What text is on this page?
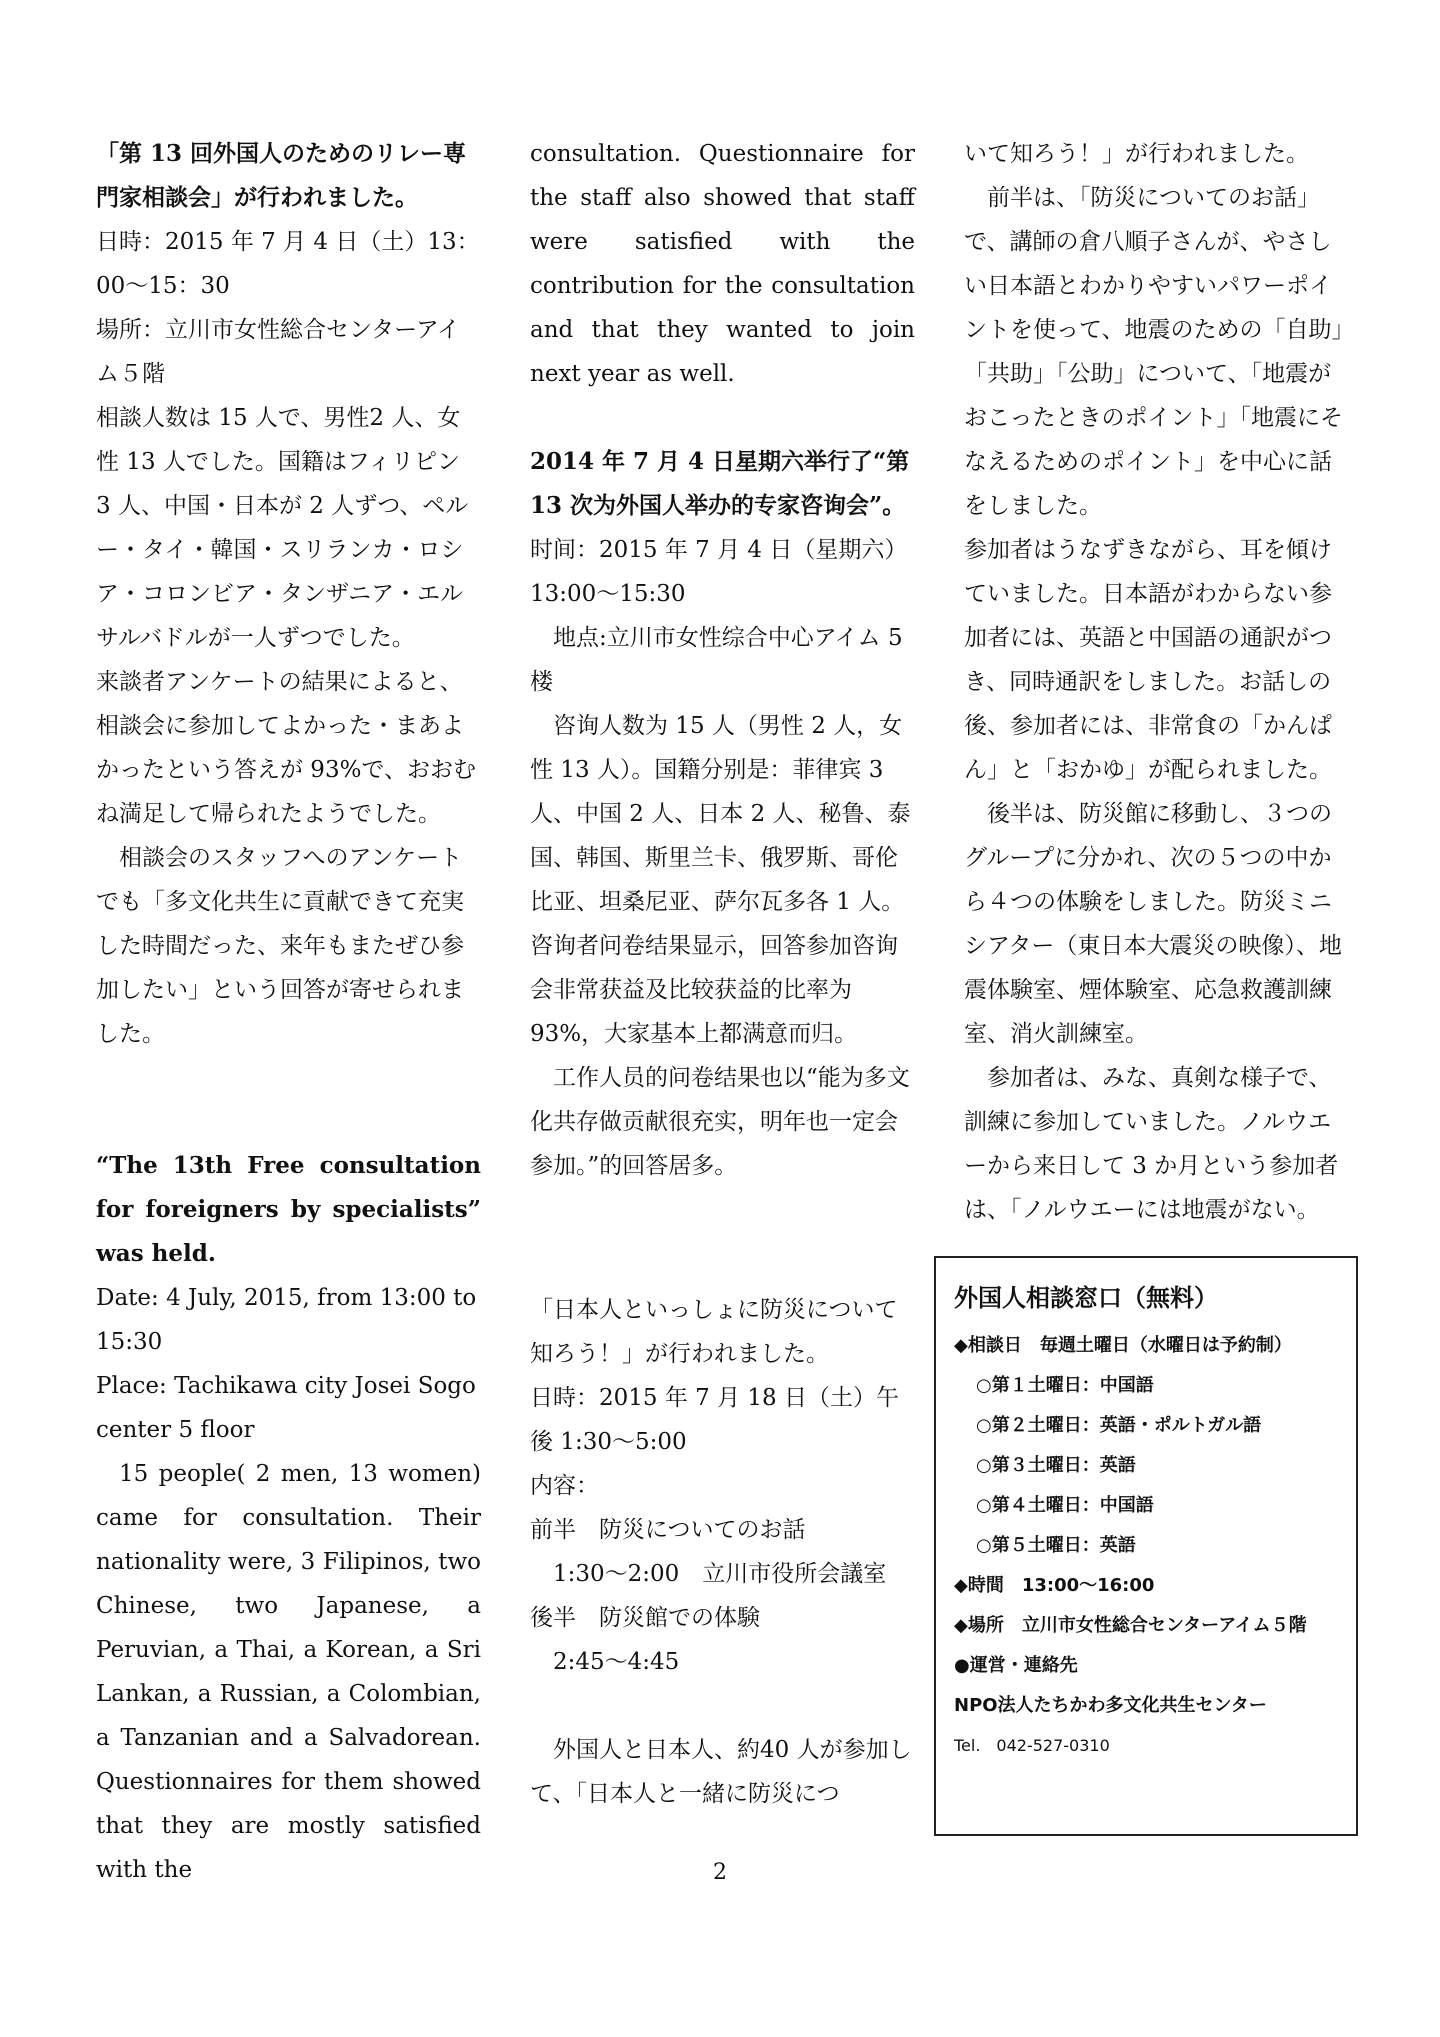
「第 13 回外国人のためのリレー専門家相談会」が行われました。

日時：2015 年 7 月 4 日（土）13：00～15：30

場所：立川市女性総合センターアイム５階

相談人数は 15 人で、男性2 人、女性 13 人でした。国籍はフィリピン 3 人、中国・日本が 2 人ずつ、ペルー・タイ・韓国・スリランカ・ロシア・コロンビア・タンザニア・エルサルバドルが一人ずつでした。

来談者アンケートの結果によると、相談会に参加してよかった・まあよかったという答えが 93%で、おおむね満足して帰られたようでした。

相談会のスタッフへのアンケートでも「多文化共生に貢献できて充実した時間だった、来年もまたぜひ参加したい」という回答が寄せられました。

“The 13th Free consultation for foreigners by specialists” was held.

Date: 4 July, 2015, from 13:00 to 15:30

Place: Tachikawa city Josei Sogo center 5 floor

15 people( 2 men, 13 women) came for consultation. Their nationality were, 3 Filipinos, two Chinese, two Japanese, a Peruvian, a Thai, a Korean, a Sri Lankan, a Russian, a Colombian, a Tanzanian and a Salvadorean. Questionnaires for them showed that they are mostly satisfied with the

consultation. Questionnaire for the staff also showed that staff were satisfied with the contribution for the consultation and that they wanted to join next year as well.

2014 年 7 月 4 日星期六举行了“第 13 次为外国人举办的专家咨询会”。

时间：2015 年 7 月 4 日（星期六）13:00～15:30

地点:立川市女性综合中心アイム 5 楼

咨询人数为 15 人（男性 2 人，女性 13 人）。国籍分别是：菲律宾 3 人、中国 2 人、日本 2 人、秘鲁、泰国、韩国、斯里兰卡、俄罗斯、哥伦比亚、坦桑尼亚、萨尔瓦多各 1 人。咨询者问卷结果显示，回答参加咨询会非常获益及比较获益的比率为 93%，大家基本上都满意而归。

工作人员的问卷结果也以“能为多文化共存做贡献很充实，明年也一定会参加。”的回答居多。

「日本人といっしょに防災について知ろう！」が行われました。

日時：2015 年 7 月 18 日（土）午後 1:30～5:00

内容：

前半　防災についてのお話

1:30～2:00　立川市役所会議室

後半　防災館での体験

2:45～4:45

外国人と日本人、約40 人が参加して、「日本人と一緒に防災につ

いて知ろう！」が行われました。

前半は、「防災についてのお話」で、講師の倉八順子さんが、やさしい日本語とわかりやすいパワーポイントを使って、地震のための「自助」「共助」「公助」について、「地震がおこったときのポイント」「地震にそなえるためのポイント」を中心に話をしました。

参加者はうなずきながら、耳を傾けていました。日本語がわからない参加者には、英語と中国語の通訳がつき、同時通訳をしました。お話しの後、参加者には、非常食の「かんぱん」と「おかゆ」が配られました。

後半は、防災館に移動し、３つのグループに分かれ、次の５つの中から４つの体験をしました。防災ミニシアター（東日本大震災の映像）、地震体験室、煙体験室、応急救護訓練室、消火訓練室。

参加者は、みな、真剣な様子で、訓練に参加していました。ノルウエーから来日して 3 か月という参加者は、「ノルウエーには地震がない。

外国人相談窓口（無料）

◆相談日　毎週土曜日（水曜日は予約制）

○第１土曜日：中国語

○第２土曜日：英語・ポルトガル語

○第３土曜日：英語

○第４土曜日：中国語

○第５土曜日：英語

◆時間　13:00～16:00

◆場所　立川市女性総合センターアイム５階

●運営・連絡先

NPO法人たちかわ多文化共生センター

Tel.　042-527-0310

2
